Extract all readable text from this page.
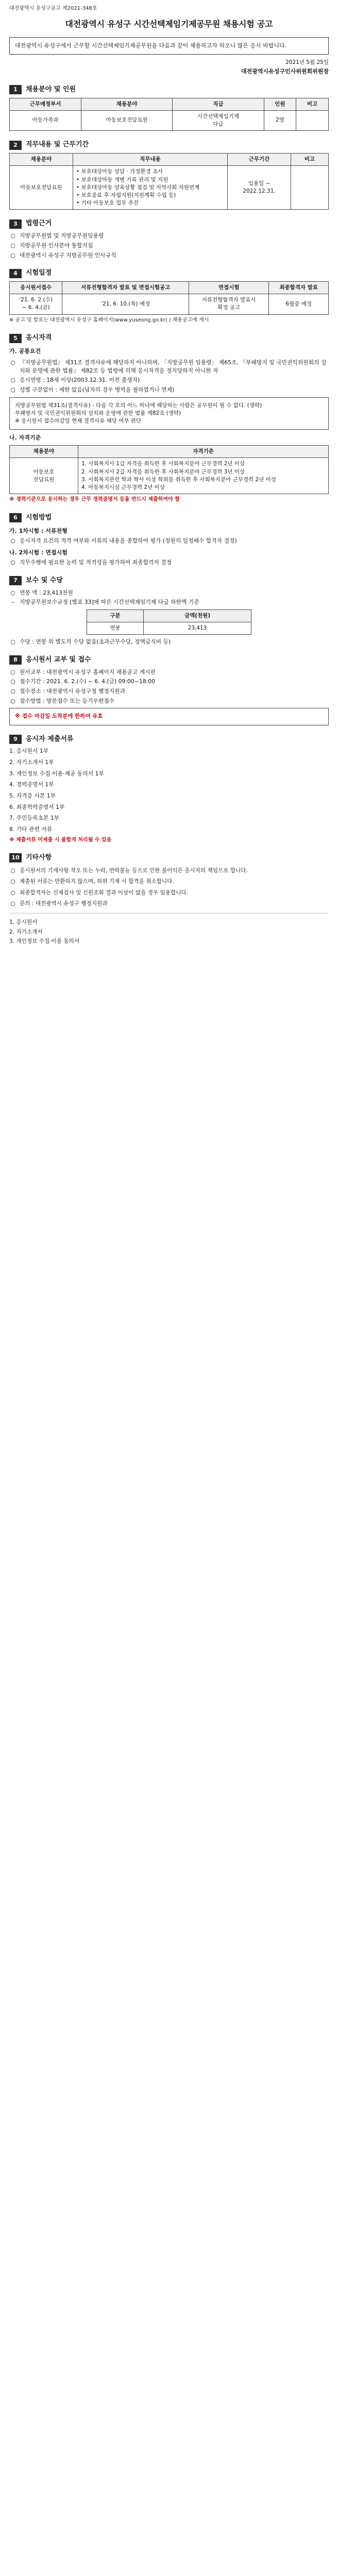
대전광역시 유성구공고 제2021-348호
대전광역시 유성구 시간선택제임기제공무원 채용시험 공고
대전광역시 유성구에서 근무할 시간선택제임기제공무원을 다음과 같이 채용하고자 하오니 많은 응시 바랍니다.
2021년 5월 25일
대전광역시유성구인사위원회위원장
1	채용분야 및 인원
근무예정부서	채용분야	직급	인원	비고
아동가족과	아동보호전담요원	시간선택제임기제
다급	2명	
2	직무내용 및 근무기간
채용분야	직무내용	근무기간	비고
아동보호전담요원	• 보호대상아동 상담 · 가정환경 조사
• 보호대상아동 개별 기록 관리 및 지원
• 보호대상아동 양육상황 점검 및 지역사회 자원연계
• 보호종료 후 자립지원(지원계획 수립 등)
• 기타 아동보호 업무 추진	임용일 ~
2022.12.31.	
3	법령근거
○ 지방공무원법 및 지방공무원임용령
○ 지방공무원 인사분야 통합지침
○ 대전광역시 유성구 지방공무원 인사규칙
4	시험일정
응시원서접수	서류전형합격자 발표 및 면접시험공고	면접시험	최종합격자 발표
'21. 6. 2.(수)
~ 6. 4.(금)	'21. 6. 10.(목) 예정	서류전형합격자 발표시
확정 공고	6월중 예정
※ 공고 및 발표는 대전광역시 유성구 홈페이지(www.yuseong.go.kr) / 채용공고에 게시
5	응시자격
가. 공통요건
○ 『지방공무원법』 제31조 결격사유에 해당하지 아니하며, 「지방공무원 임용령」 제65조, 『부패방지 및 국민권익위원회의 설치와 운영에 관한 법률』 제82조 등 법령에 의해 응시자격을 정지당하지 아니한 자
○ 응시연령 : 18세 이상(2003.12.31. 이전 출생자)
○ 성별 구분없이 : 제한 없음(남자의 경우 병역을 필하였거나 면제)
지방공무원법 제31조(결격사유) - 다음 각 호의 어느 하나에 해당하는 사람은 공무원이 될 수 없다. (생략)
부패방지 및 국민권익위원회의 설치와 운영에 관한 법률 제82조 (생략)
※ 응시원서 접수마감일 현재 결격사유 해당 여부 판단
나. 자격기준
채용분야	자격기준
아동보호
전담요원	1. 사회복지사 1급 자격을 취득한 후 사회복지분야 근무경력 2년 이상
2. 사회복지사 2급 자격을 취득한 후 사회복지분야 근무경력 3년 이상
3. 사회복지관련 학과 학사 이상 학위를 취득한 후 사회복지분야 근무경력 2년 이상
4. 아동복지시설 근무경력 2년 이상
※ 경력기준으로 응시하는 경우 근무 경력증명서 등을 반드시 제출하여야 함
6	시험방법
가. 1차시험 : 서류전형
○ 응시자격 요건의 적격 여부와 서류의 내용을 종합하여 평가 (정원의 일정배수 합격자 결정)
나. 2차시험 : 면접시험
○ 직무수행에 필요한 능력 및 적격성을 평가하여 최종합격자 결정
7	보수 및 수당
○ 연봉 액 : 23,413천원
– 지방공무원보수규정 [별표 33]에 따른 시간선택제임기제 다급 하한액 기준
구분	금액(천원)
연봉	23,413
○ 수당 : 연봉 외 별도의 수당 없음(초과근무수당, 정액급식비 등)
8	응시원서 교부 및 접수
○ 원서교부 : 대전광역시 유성구 홈페이지 채용공고 게시판
○ 접수기간 : 2021. 6. 2.(수) ~ 6. 4.(금) 09:00~18:00
○ 접수장소 : 대전광역시 유성구청 행정지원과
○ 접수방법 : 방문접수 또는 등기우편접수
※ 접수 마감일 도착분에 한하여 유효
9	응시자 제출서류
1. 응시원서 1부
2. 자기소개서 1부
3. 개인정보 수집·이용·제공 동의서 1부
4. 경력증명서 1부
5. 자격증 사본 1부
6. 최종학력증명서 1부
7. 주민등록초본 1부
8. 기타 관련 서류
※ 제출서류 미제출 시 불합격 처리될 수 있음
10 기타사항
○ 응시원서의 기재사항 착오 또는 누락, 연락불능 등으로 인한 불이익은 응시자의 책임으로 합니다.
○ 제출된 서류는 반환하지 않으며, 허위 기재 시 합격을 취소합니다.
○ 최종합격자는 신체검사 및 신원조회 결과 이상이 없을 경우 임용합니다.
○ 문의 : 대전광역시 유성구 행정지원과
1. 응시원서
2. 자기소개서
3. 개인정보 수집·이용 동의서
